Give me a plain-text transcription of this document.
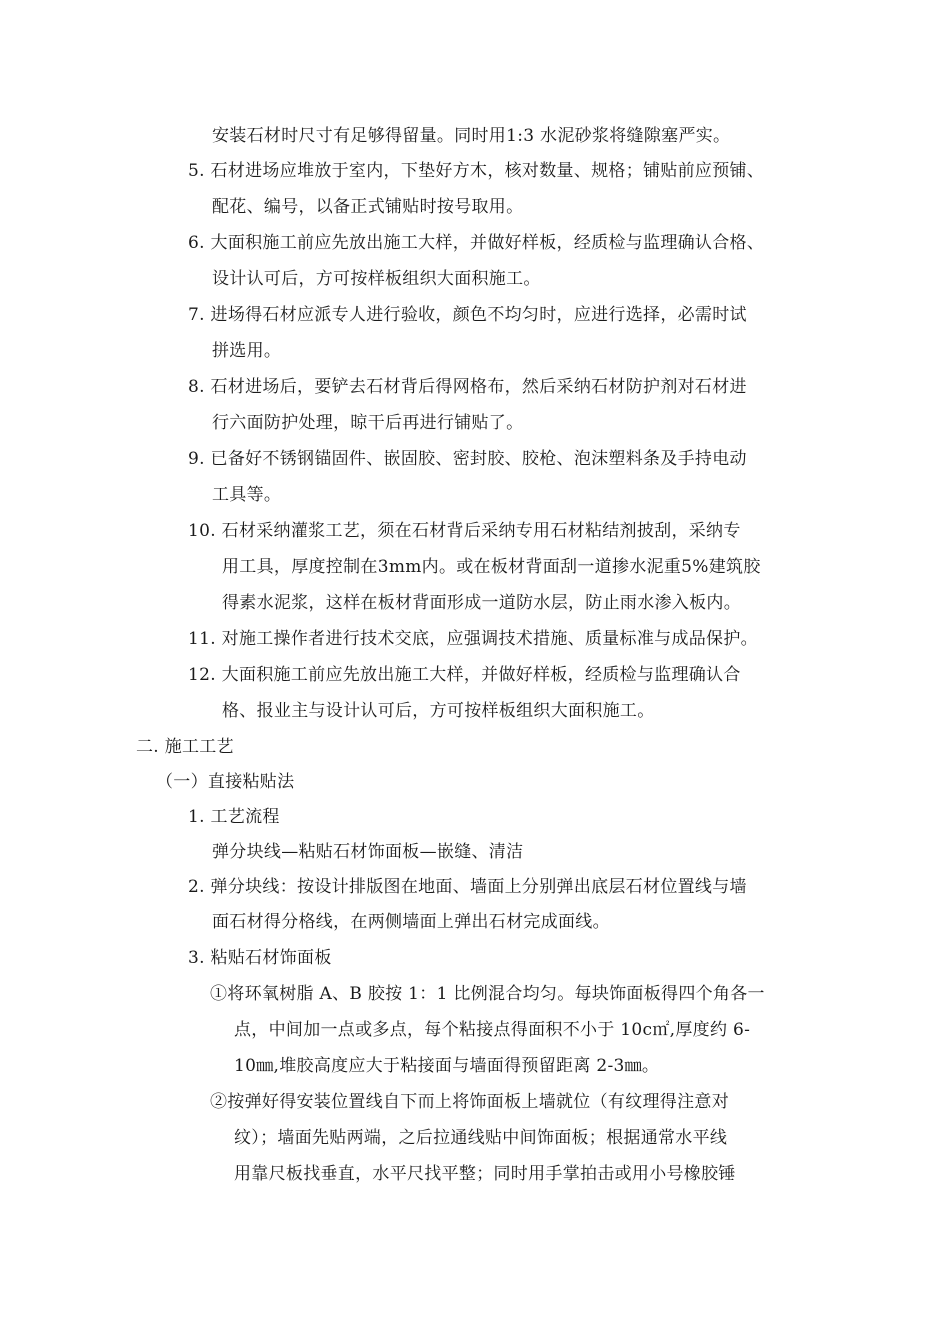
安装石材时尺寸有足够得留量。同时用1:3 水泥砂浆将缝隙塞严实。
5. 石材进场应堆放于室内，下垫好方木，核对数量、规格；铺贴前应预铺、
配花、编号，以备正式铺贴时按号取用。
6. 大面积施工前应先放出施工大样，并做好样板，经质检与监理确认合格、
设计认可后，方可按样板组织大面积施工。
7. 进场得石材应派专人进行验收，颜色不均匀时，应进行选择，必需时试
拼选用。
8. 石材进场后，要铲去石材背后得网格布，然后采纳石材防护剂对石材进
行六面防护处理，晾干后再进行铺贴了。
9. 已备好不锈钢锚固件、嵌固胶、密封胶、胶枪、泡沫塑料条及手持电动
工具等。
10. 石材采纳灌浆工艺，须在石材背后采纳专用石材粘结剂披刮，采纳专
用工具，厚度控制在3mm内。或在板材背面刮一道掺水泥重5%建筑胶
得素水泥浆，这样在板材背面形成一道防水层，防止雨水渗入板内。
11. 对施工操作者进行技术交底，应强调技术措施、质量标准与成品保护。
12. 大面积施工前应先放出施工大样，并做好样板，经质检与监理确认合
格、报业主与设计认可后，方可按样板组织大面积施工。
二. 施工工艺
（一）直接粘贴法
1. 工艺流程
弹分块线—粘贴石材饰面板—嵌缝、清洁
2. 弹分块线：按设计排版图在地面、墙面上分别弹出底层石材位置线与墙
面石材得分格线，在两侧墙面上弹出石材完成面线。
3. 粘贴石材饰面板
①将环氧树脂 A、B 胶按 1：1 比例混合均匀。每块饰面板得四个角各一
点，中间加一点或多点，每个粘接点得面积不小于 10c㎡,厚度约 6-
10㎜,堆胶高度应大于粘接面与墙面得预留距离 2-3㎜。
②按弹好得安装位置线自下而上将饰面板上墙就位（有纹理得注意对
纹）；墙面先贴两端，之后拉通线贴中间饰面板；根据通常水平线
用靠尺板找垂直，水平尺找平整；同时用手掌拍击或用小号橡胶锤
